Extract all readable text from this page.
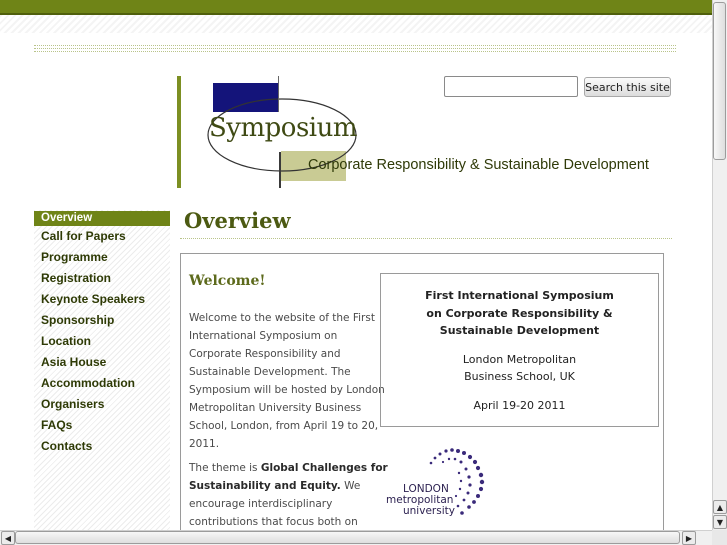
Symposium
Corporate Responsibility & Sustainable Development
Search this site
Overview
Call for Papers
Programme
Registration
Keynote Speakers
Sponsorship
Location
Asia House
Accommodation
Organisers
FAQs
Contacts
Overview
Welcome!
Welcome to the website of the First
International Symposium on
Corporate Responsibility and
Sustainable Development. The
Symposium will be hosted by London
Metropolitan University Business
School, London, from April 19 to 20,
2011.
The theme is Global Challenges for
Sustainability and Equity. We
encourage interdisciplinary
contributions that focus both on
First International Symposium
on Corporate Responsibility &
Sustainable Development
London Metropolitan
Business School, UK
April 19-20 2011
LONDON
metropolitan
university	▲
▼
◀	▶
